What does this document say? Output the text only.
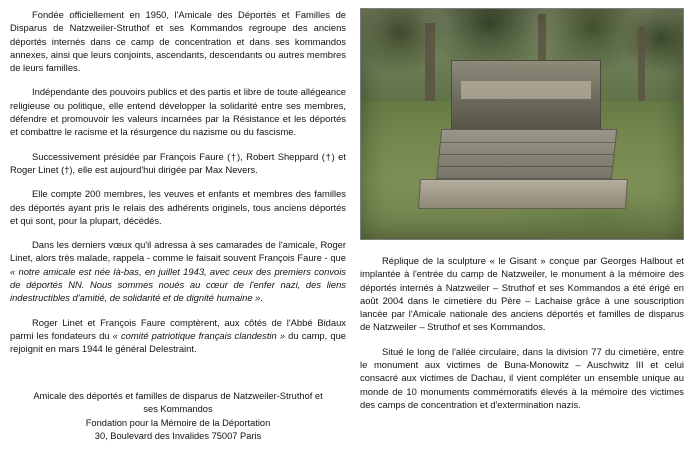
Fondée officiellement en 1950, l'Amicale des Déportés et Familles de Disparus de Natzweiler-Struthof et ses Kommandos regroupe des anciens déportés internés dans ce camp de concentration et dans ses kommandos annexes, ainsi que leurs conjoints, ascendants, descendants ou autres membres de leurs familles.

Indépendante des pouvoirs publics et des partis et libre de toute allégeance religieuse ou politique, elle entend développer la solidarité entre ses membres, défendre et promouvoir les valeurs incarnées par la Résistance et les déportés et combattre le racisme et la résurgence du nazisme ou du fascisme.

Successivement présidée par François Faure (†), Robert Sheppard (†) et Roger Linet (†), elle est aujourd'hui dirigée par Max Nevers.

Elle compte 200 membres, les veuves et enfants et membres des familles des déportés ayant pris le relais des adhérents originels, tous anciens déportés et qui sont, pour la plupart, décédés.

Dans les derniers vœux qu'il adressa à ses camarades de l'amicale, Roger Linet, alors très malade, rappela - comme le faisait souvent François Faure - que « notre amicale est née là-bas, en juillet 1943, avec ceux des premiers convois de déportés NN. Nous sommes noués au cœur de l'enfer nazi, des liens indestructibles d'amitié, de solidarité et de dignité humaine ».

Roger Linet et François Faure comptèrent, aux côtés de l'Abbé Bidaux parmi les fondateurs du « comité patriotique français clandestin » du camp, que rejoignit en mars 1944 le général Delestraint.

Amicale des déportés et familles de disparus de Natzweiler-Struthof et
ses Kommandos
Fondation pour la Mémoire de la Déportation
30, Boulevard des Invalides 75007 Paris

Réplique de la sculpture « le Gisant » conçue par Georges Halbout et implantée à l'entrée du camp de Natzweiler, le monument à la mémoire des déportés internés à Natzweiler – Struthof et ses Kommandos a été érigé en août 2004 dans le cimetière du Père – Lachaise grâce à une souscription lancée par l'Amicale nationale des anciens déportés et familles de disparus de Natzweiler – Struthof et ses Kommandos.

Situé le long de l'allée circulaire, dans la division 77 du cimetière, entre le monument aux victimes de Buna-Monowitz – Auschwitz III et celui consacré aux victimes de Dachau, il vient compléter un ensemble unique au monde de 10 monuments commémoratifs élevés à la mémoire des victimes des camps de concentration et d'extermination nazis.
